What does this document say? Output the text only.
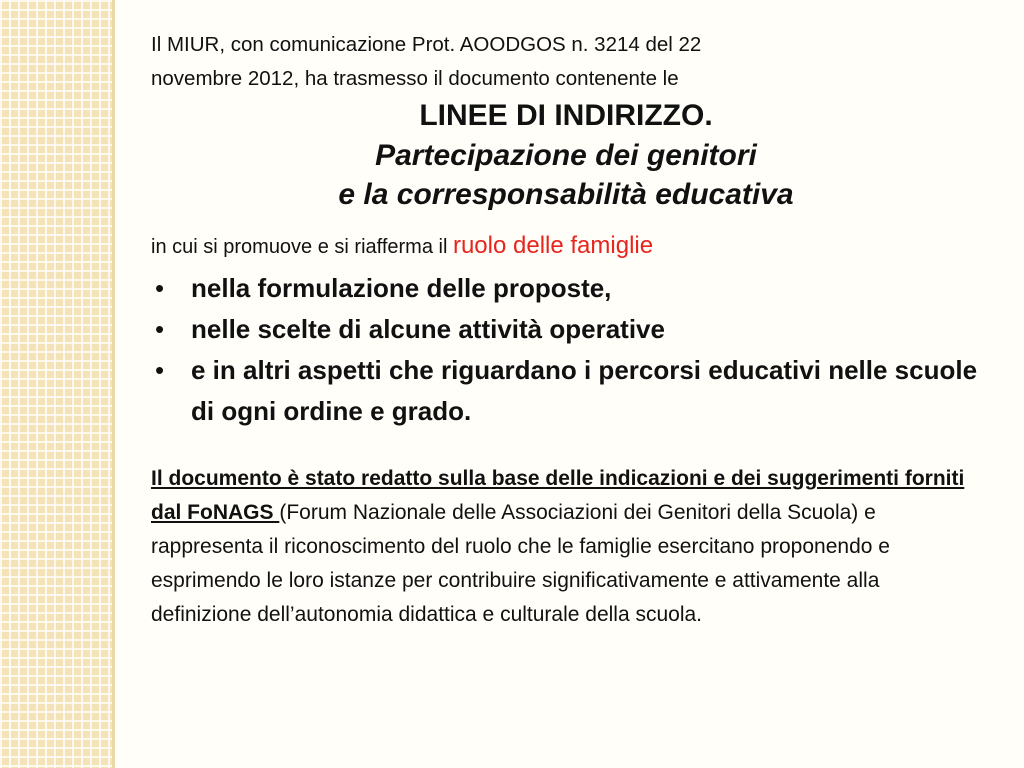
Il MIUR, con comunicazione Prot. AOODGOS n. 3214 del 22
novembre 2012, ha trasmesso il documento contenente le

LINEE DI INDIRIZZO.
Partecipazione dei genitori
e la corresponsabilità educativa
in cui si promuove e si riafferma il ruolo delle famiglie
• nella formulazione delle proposte,
• nelle scelte di alcune attività operative
• e in altri aspetti che riguardano i percorsi educativi nelle scuole di ogni ordine e grado.
Il documento è stato redatto sulla base delle indicazioni e dei suggerimenti forniti dal FoNAGS (Forum Nazionale delle Associazioni dei Genitori della Scuola) e rappresenta il riconoscimento del ruolo che le famiglie esercitano proponendo e esprimendo le loro istanze per contribuire significativamente e attivamente alla definizione dell’autonomia didattica e culturale della scuola.
